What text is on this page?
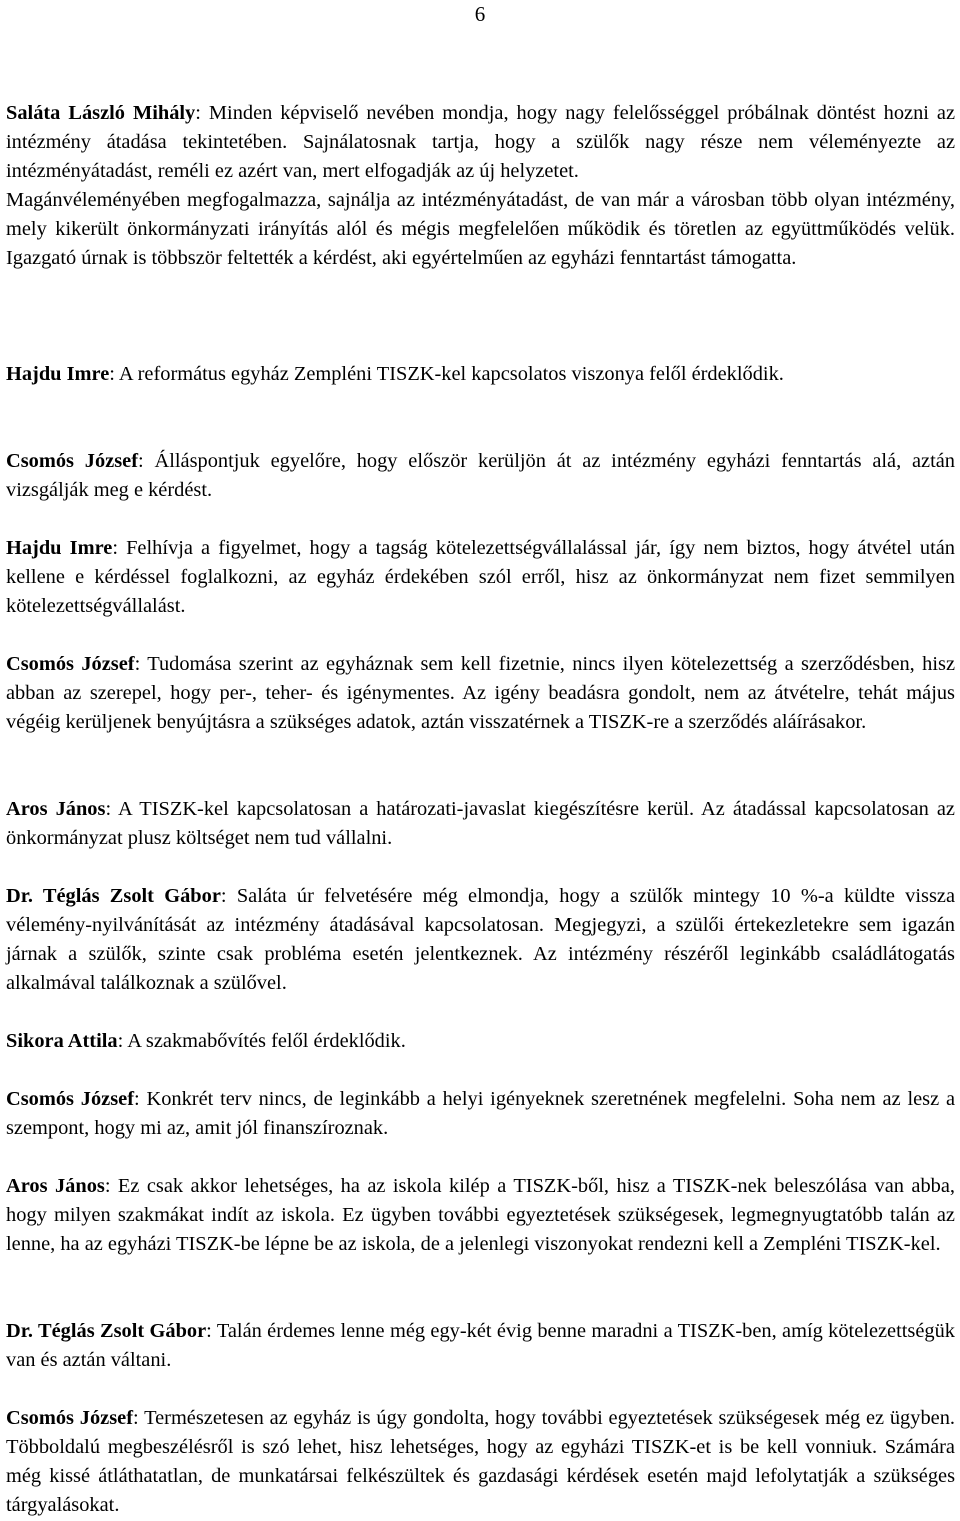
6

Saláta László Mihály: Minden képviselő nevében mondja, hogy nagy felelősséggel próbálnak döntést hozni az intézmény átadása tekintetében. Sajnálatosnak tartja, hogy a szülők nagy része nem véleményezte az intézményátadást, reméli ez azért van, mert elfogadják az új helyzetet.
Magánvéleményében megfogalmazza, sajnálja az intézményátadást, de van már a városban több olyan intézmény, mely kikerült önkormányzati irányítás alól és mégis megfelelően működik és töretlen az együttműködés velük. Igazgató úrnak is többször feltették a kérdést, aki egyértelműen az egyházi fenntartást támogatta.

Hajdu Imre: A református egyház Zempléni TISZK-kel kapcsolatos viszonya felől érdeklődik.

Csomós József: Álláspontjuk egyelőre, hogy először kerüljön át az intézmény egyházi fenntartás alá, aztán vizsgálják meg e kérdést.

Hajdu Imre: Felhívja a figyelmet, hogy a tagság kötelezettségvállalással jár, így nem biztos, hogy átvétel után kellene e kérdéssel foglalkozni, az egyház érdekében szól erről, hisz az önkormányzat nem fizet semmilyen kötelezettségvállalást.

Csomós József: Tudomása szerint az egyháznak sem kell fizetnie, nincs ilyen kötelezettség a szerződésben, hisz abban az szerepel, hogy per-, teher- és igénymentes. Az igény beadásra gondolt, nem az átvételre, tehát május végéig kerüljenek benyújtásra a szükséges adatok, aztán visszatérnek a TISZK-re a szerződés aláírásakor.

Aros János: A TISZK-kel kapcsolatosan a határozati-javaslat kiegészítésre kerül. Az átadással kapcsolatosan az önkormányzat plusz költséget nem tud vállalni.

Dr. Téglás Zsolt Gábor: Saláta úr felvetésére még elmondja, hogy a szülők mintegy 10 %-a küldte vissza vélemény-nyilvánítását az intézmény átadásával kapcsolatosan. Megjegyzi, a szülői értekezletekre sem igazán járnak a szülők, szinte csak probléma esetén jelentkeznek. Az intézmény részéről leginkább családlátogatás alkalmával találkoznak a szülővel.

Sikora Attila: A szakmabővítés felől érdeklődik.

Csomós József: Konkrét terv nincs, de leginkább a helyi igényeknek szeretnének megfelelni. Soha nem az lesz a szempont, hogy mi az, amit jól finanszíroznak.

Aros János: Ez csak akkor lehetséges, ha az iskola kilép a TISZK-ből, hisz a TISZK-nek beleszólása van abba, hogy milyen szakmákat indít az iskola. Ez ügyben további egyeztetések szükségesek, legmegnyugtatóbb talán az lenne, ha az egyházi TISZK-be lépne be az iskola, de a jelenlegi viszonyokat rendezni kell a Zempléni TISZK-kel.

Dr. Téglás Zsolt Gábor: Talán érdemes lenne még egy-két évig benne maradni a TISZK-ben, amíg kötelezettségük van és aztán váltani.

Csomós József: Természetesen az egyház is úgy gondolta, hogy további egyeztetések szükségesek még ez ügyben. Többoldalú megbeszélésről is szó lehet, hisz lehetséges, hogy az egyházi TISZK-et is be kell vonniuk. Számára még kissé átláthatatlan, de munkatársai felkészültek és gazdasági kérdések esetén majd lefolytatják a szükséges tárgyalásokat.
